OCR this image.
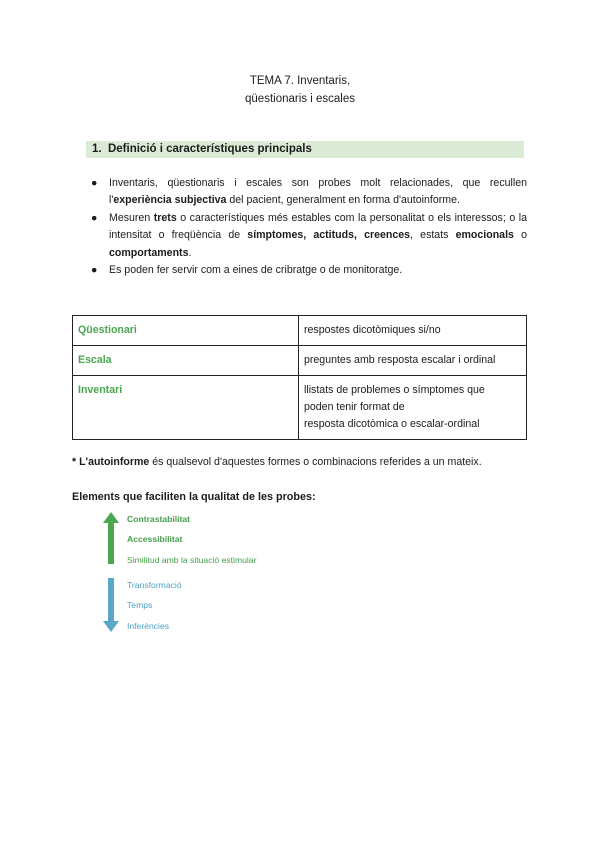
TEMA 7. Inventaris,
qüestionaris i escales
1.  Definició i característiques principals
● Inventaris, qüestionaris i escales son probes molt relacionades, que recullen l'experiència subjectiva del pacient, generalment en forma d'autoinforme.
● Mesuren trets o característiques més estables com la personalitat o els interessos; o la intensitat o freqüència de símptomes, actituds, creences, estats emocionals o comportaments.
● Es poden fer servir com a eines de cribratge o de monitoratge.
Qüestionari	respostes dicotòmiques si/no
Escala	preguntes amb resposta escalar i ordinal
Inventari	llistats de problemes o símptomes que
poden tenir format de
resposta dicotòmica o escalar-ordinal
* L'autoinforme és qualsevol d'aquestes formes o combinacions referides a un mateix.
Elements que faciliten la qualitat de les probes:
Contrastabilitat
Accessibilitat
Similitud amb la situació estimular
Transformació
Temps
Inferències
